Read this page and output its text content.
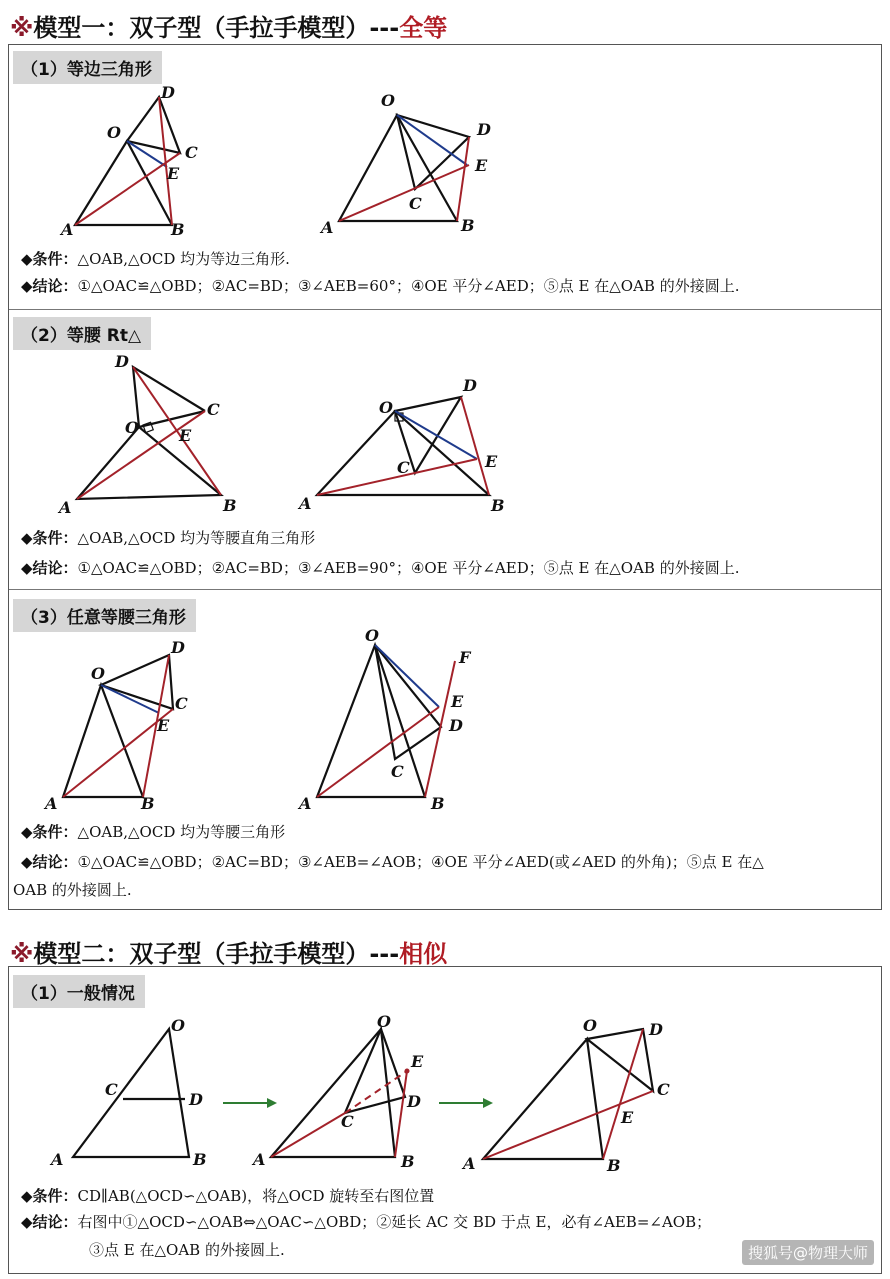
※模型一：双子型（手拉手模型）---全等
（1）等边三角形
O
D
C
E
A	B
O
D
E
C
A	B
◆条件：△OAB,△OCD 均为等边三角形.
◆结论：①△OAC≌△OBD；②AC=BD；③∠AEB=60°；④OE 平分∠AED；⑤点 E 在△OAB 的外接圆上.
（2）等腰 Rt△
D
C
O	E
A	B
O
D
E
C
A	B
◆条件：△OAB,△OCD 均为等腰直角三角形
◆结论：①△OAC≌△OBD；②AC=BD；③∠AEB=90°；④OE 平分∠AED；⑤点 E 在△OAB 的外接圆上.
（3）任意等腰三角形
O
D
C
E
A	B
O
F
E
D
C
A	B
◆条件：△OAB,△OCD 均为等腰三角形
◆结论：①△OAC≌△OBD；②AC=BD；③∠AEB=∠AOB；④OE 平分∠AED(或∠AED 的外角)；⑤点 E 在△
OAB 的外接圆上.
※模型二：双子型（手拉手模型）---相似
（1）一般情况
O
C
D
A	B
O
E
D
C
A	B
O	D
C
E
A	B
◆条件：CD∥AB(△OCD∽△OAB)，将△OCD 旋转至右图位置
◆结论：右图中①△OCD∽△OAB⇔△OAC∽△OBD；②延长 AC 交 BD 于点 E，必有∠AEB=∠AOB；
③点 E 在△OAB 的外接圆上.	搜狐号@物理大师
